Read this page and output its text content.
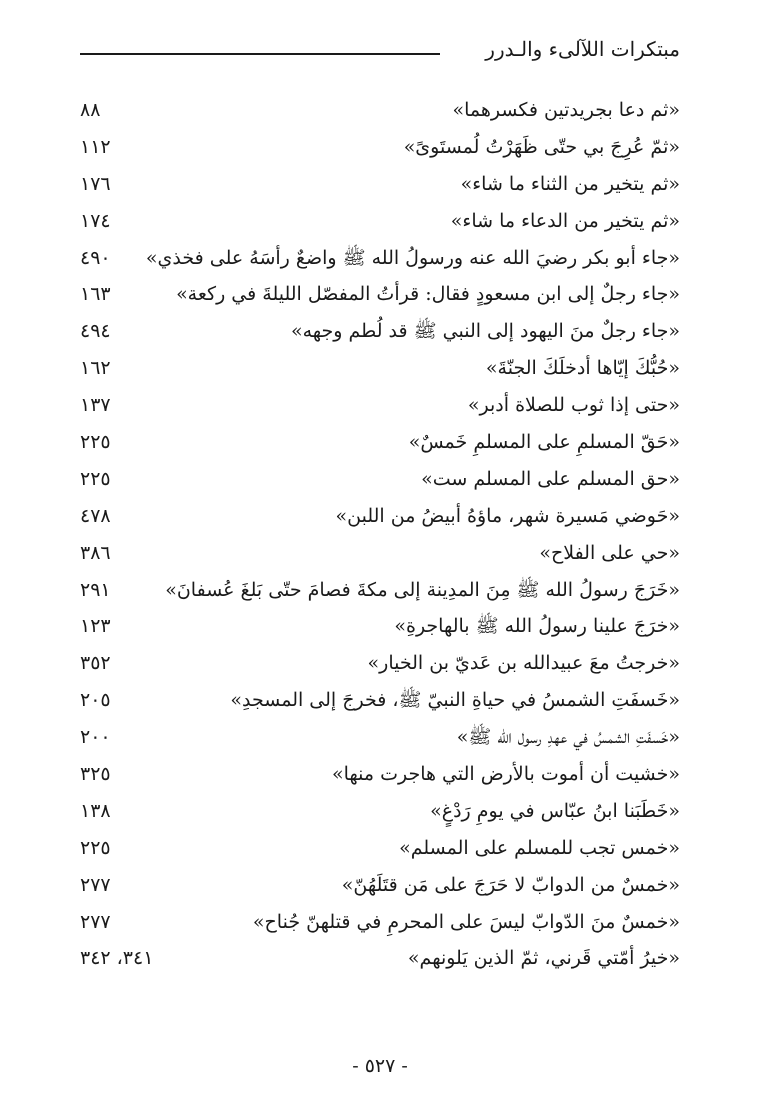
مبتكرات اللآلىء والـدرر
«ثم دعا بجريدتين فكسرهما»
٨٨
«ثمّ عُرِجَ بي حتّى ظَهَرْتُ لُمستَوىً»
١١٢
«ثم يتخير من الثناء ما شاء»
١٧٦
«ثم يتخير من الدعاء ما شاء»
١٧٤
«جاء أبو بكر رضيَ الله عنه ورسولُ الله ﷺ واضعٌ رأسَهُ على فخذي»
٤٩٠
«جاء رجلٌ إلى ابن مسعودٍ فقال: قرأتُ المفصّل الليلةَ في ركعة»
١٦٣
«جاء رجلٌ منَ اليهود إلى النبي ﷺ قد لُطم وجهه»
٤٩٤
«حُبُّكَ إيّاها أدخلَكَ الجنّةَ»
١٦٢
«حتى إذا ثوب للصلاة أدبر»
١٣٧
«حَقّ المسلمِ على المسلمِ خَمسٌ»
٢٢٥
«حق المسلم على المسلم ست»
٢٢٥
«حَوضي مَسيرة شهر، ماؤهُ أبيضُ من اللبن»
٤٧٨
«حي على الفلاح»
٣٨٦
«خَرَجَ رسولُ الله ﷺ مِنَ المدِينة إلى مكةَ فصامَ حتّى بَلغَ عُسفانَ»
٢٩١
«خرَجَ علينا رسولُ الله ﷺ بالهاجرةِ»
١٢٣
«خرجتُ معَ عبيدالله بن عَديّ بن الخيار»
٣٥٢
«خَسفَتِ الشمسُ في حياةِ النبيّ ﷺ، فخرجَ إلى المسجدِ»
٢٠٥
«خَسفَتِ الشمسُ في عهدِ رسول الله ﷺ»
٢٠٠
«خشيت أن أموت بالأرض التي هاجرت منها»
٣٢٥
«خَطَبَنا ابنُ عبّاس في يومِ رَدْغٍ»
١٣٨
«خمس تجب للمسلم على المسلم»
٢٢٥
«خمسٌ من الدوابّ لا حَرَجَ على مَن قتَلَهُنّ»
٢٧٧
«خمسٌ منَ الدّوابّ ليسَ على المحرمِ في قتلهنّ جُناح»
٢٧٧
«خيرُ أمّتي قَرني، ثمّ الذين يَلونهم»
٣٤١، ٣٤٢
- ٥٢٧ -
